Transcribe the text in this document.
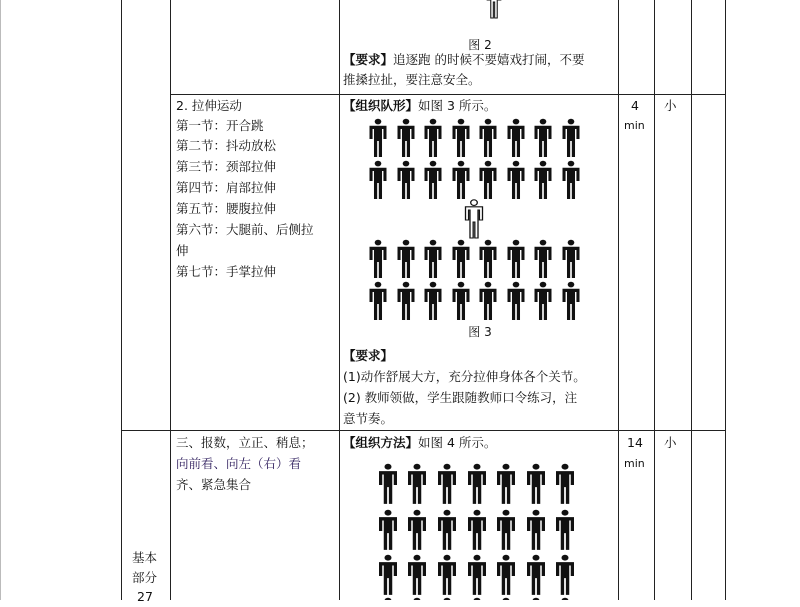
图 2
【要求】追逐跑 的时候不要嬉戏打闹，不要
推搡拉扯，要注意安全。
2. 拉伸运动
第一节：开合跳
第二节：抖动放松
第三节：颈部拉伸
第四节：肩部拉伸
第五节：腰腹拉伸
第六节：大腿前、后侧拉
伸
第七节：手掌拉伸
【组织队形】如图 3 所示。	4
min
小
图 3
【要求】
(1)动作舒展大方，充分拉伸身体各个关节。
(2) 教师领做，学生跟随教师口令练习，注
意节奏。
三、报数，立正、稍息；
向前看、向左（右）看
齐、紧急集合
【组织方法】如图 4 所示。	14
min
小
基本
部分
27
